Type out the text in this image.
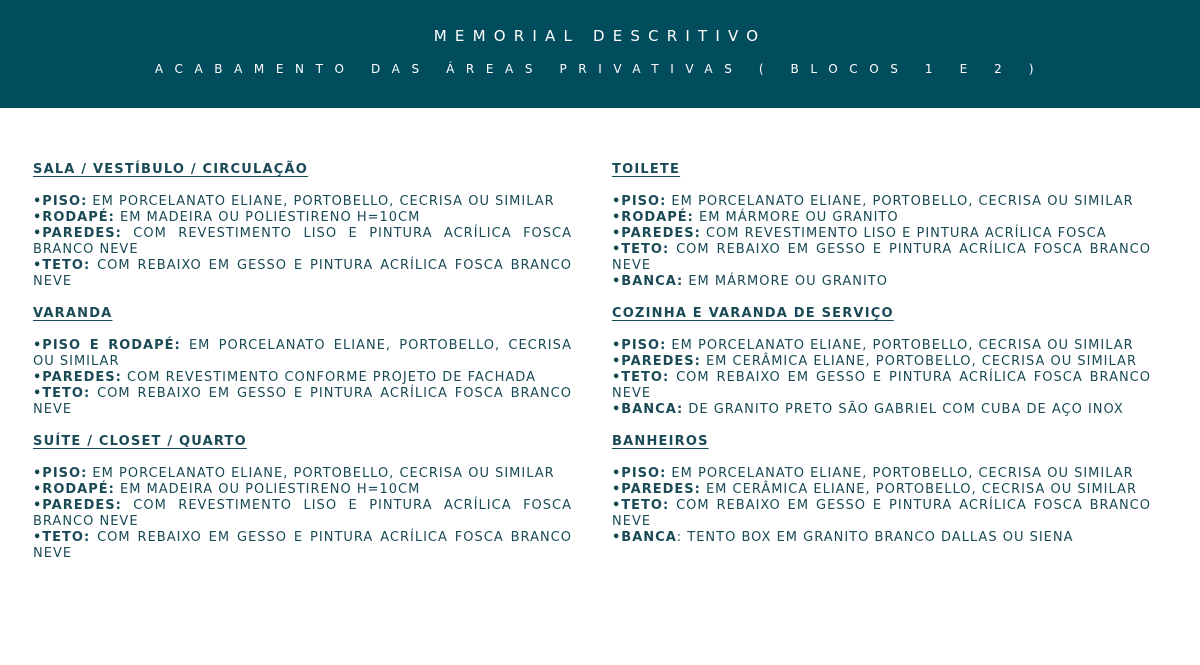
MEMORIAL DESCRITIVO
ACABAMENTO DAS ÁREAS PRIVATIVAS ( BLOCOS 1 E 2 )
SALA / VESTÍBULO / CIRCULAÇÃO
•PISO: EM PORCELANATO ELIANE, PORTOBELLO, CECRISA OU SIMILAR
•RODAPÉ: EM MADEIRA OU POLIESTIRENO H=10CM
•PAREDES: COM REVESTIMENTO LISO E PINTURA ACRÍLICA FOSCA BRANCO NEVE
•TETO: COM REBAIXO EM GESSO E PINTURA ACRÍLICA FOSCA BRANCO NEVE
VARANDA
•PISO E RODAPÉ: EM PORCELANATO ELIANE, PORTOBELLO, CECRISA OU SIMILAR
•PAREDES: COM REVESTIMENTO CONFORME PROJETO DE FACHADA
•TETO: COM REBAIXO EM GESSO E PINTURA ACRÍLICA FOSCA BRANCO NEVE
SUÍTE / CLOSET / QUARTO
•PISO: EM PORCELANATO ELIANE, PORTOBELLO, CECRISA OU SIMILAR
•RODAPÉ: EM MADEIRA OU POLIESTIRENO H=10CM
•PAREDES: COM REVESTIMENTO LISO E PINTURA ACRÍLICA FOSCA BRANCO NEVE
•TETO: COM REBAIXO EM GESSO E PINTURA ACRÍLICA FOSCA BRANCO NEVE
TOILETE
•PISO: EM PORCELANATO ELIANE, PORTOBELLO, CECRISA OU SIMILAR
•RODAPÉ: EM MÁRMORE OU GRANITO
•PAREDES: COM REVESTIMENTO LISO E PINTURA ACRÍLICA FOSCA
•TETO: COM REBAIXO EM GESSO E PINTURA ACRÍLICA FOSCA BRANCO NEVE
•BANCA: EM MÁRMORE OU GRANITO
COZINHA E VARANDA DE SERVIÇO
•PISO: EM PORCELANATO ELIANE, PORTOBELLO, CECRISA OU SIMILAR
•PAREDES: EM CERÂMICA ELIANE, PORTOBELLO, CECRISA OU SIMILAR
•TETO: COM REBAIXO EM GESSO E PINTURA ACRÍLICA FOSCA BRANCO NEVE
•BANCA: DE GRANITO PRETO SÃO GABRIEL COM CUBA DE AÇO INOX
BANHEIROS
•PISO: EM PORCELANATO ELIANE, PORTOBELLO, CECRISA OU SIMILAR
•PAREDES: EM CERÂMICA ELIANE, PORTOBELLO, CECRISA OU SIMILAR
•TETO: COM REBAIXO EM GESSO E PINTURA ACRÍLICA FOSCA BRANCO NEVE
•BANCA: TENTO BOX EM GRANITO BRANCO DALLAS OU SIENA
